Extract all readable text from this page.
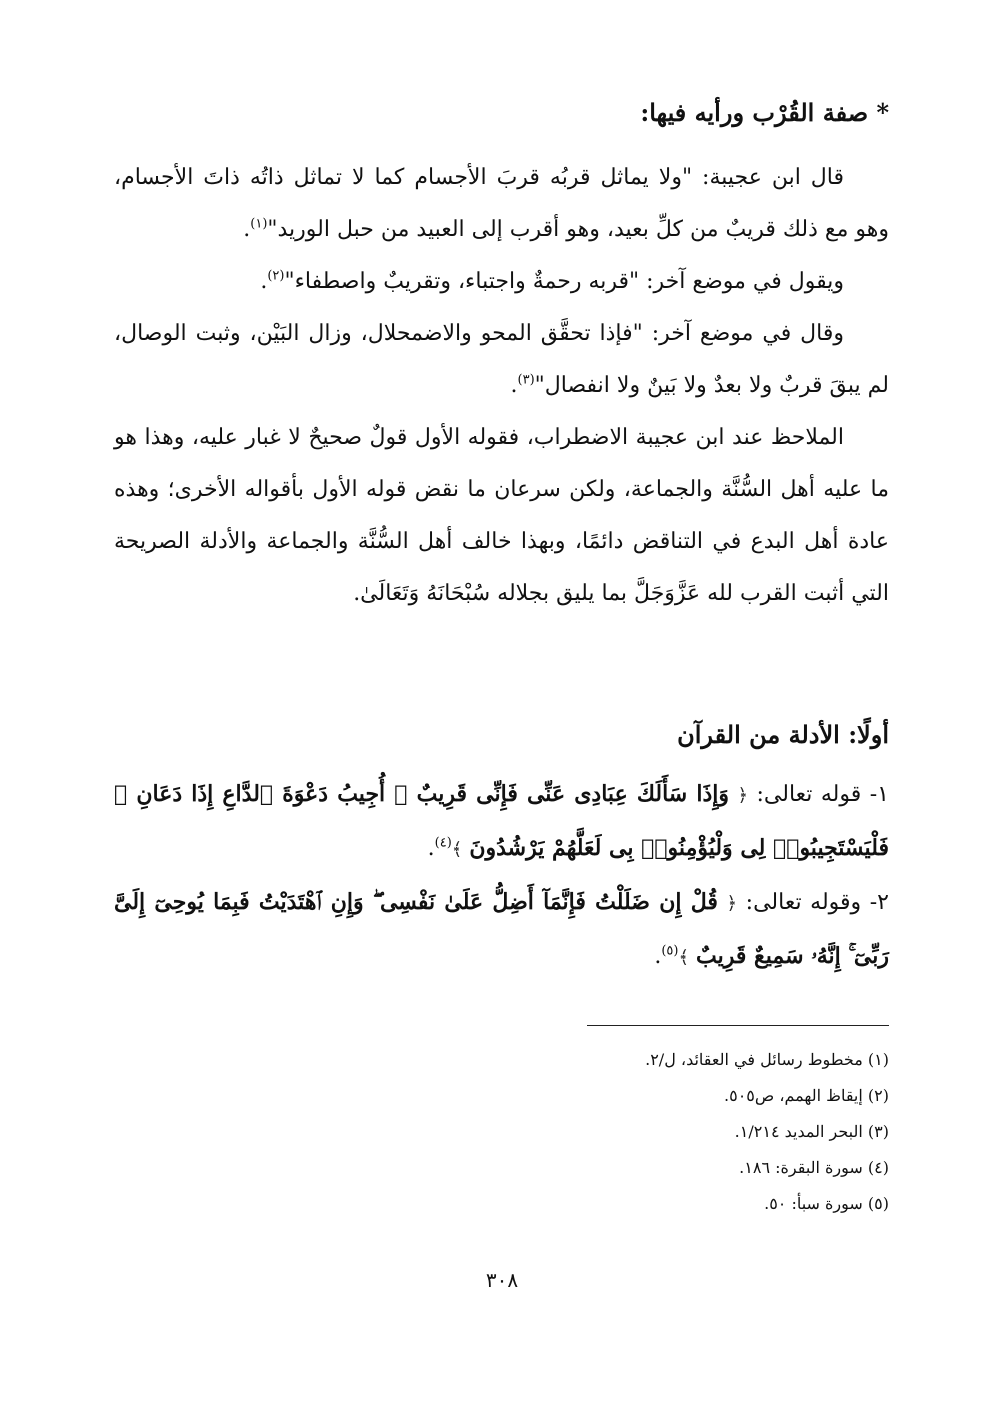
* صفة القُرْب ورأيه فيها:

قال ابن عجيبة: "ولا يماثل قربُه قربَ الأجسام كما لا تماثل ذاتُه ذاتَ الأجسام، وهو مع ذلك قريبٌ من كلِّ بعيد، وهو أقرب إلى العبيد من حبل الوريد"$^{(١)}$.

ويقول في موضع آخر: "قربه رحمةٌ واجتباء، وتقريبٌ واصطفاء"$^{(٢)}$.

وقال في موضع آخر: "فإذا تحقَّق المحو والاضمحلال، وزال البَيْن، وثبت الوصال، لم يبقَ قربٌ ولا بعدٌ ولا بَينٌ ولا انفصال"$^{(٣)}$.

الملاحظ عند ابن عجيبة الاضطراب، فقوله الأول قولٌ صحيحٌ لا غبار عليه، وهذا هو ما عليه أهل السُّنَّة والجماعة، ولكن سرعان ما نقض قوله الأول بأقواله الأخرى؛ وهذه عادة أهل البدع في التناقض دائمًا، وبهذا خالف أهل السُّنَّة والجماعة والأدلة الصريحة التي أثبت القرب لله عَزَّوَجَلَّ بما يليق بجلاله سُبْحَانَهُ وَتَعَالَىٰ.

أولًا: الأدلة من القرآن

١- قوله تعالى: ﴿ وَإِذَا سَأَلَكَ عِبَادِى عَنِّى فَإِنِّى قَرِيبٌ ۖ أُجِيبُ دَعْوَةَ ٱلدَّاعِ إِذَا دَعَانِ ۖ فَلْيَسْتَجِيبُوا۟ لِى وَلْيُؤْمِنُوا۟ بِى لَعَلَّهُمْ يَرْشُدُونَ ﴾$^{(٤)}$.

٢- وقوله تعالى: ﴿ قُلْ إِن ضَلَلْتُ فَإِنَّمَآ أَضِلُّ عَلَىٰ نَفْسِى ۖ وَإِنِ ٱهْتَدَيْتُ فَبِمَا يُوحِىٓ إِلَىَّ رَبِّىٓ ۚ إِنَّهُۥ سَمِيعٌ قَرِيبٌ ﴾$^{(٥)}$.

(١) مخطوط رسائل في العقائد، ل/٢.
(٢) إيقاظ الهمم، ص٥٠٥.
(٣) البحر المديد ١/٢١٤.
(٤) سورة البقرة: ١٨٦.
(٥) سورة سبأ: ٥٠.
٣٠٨
